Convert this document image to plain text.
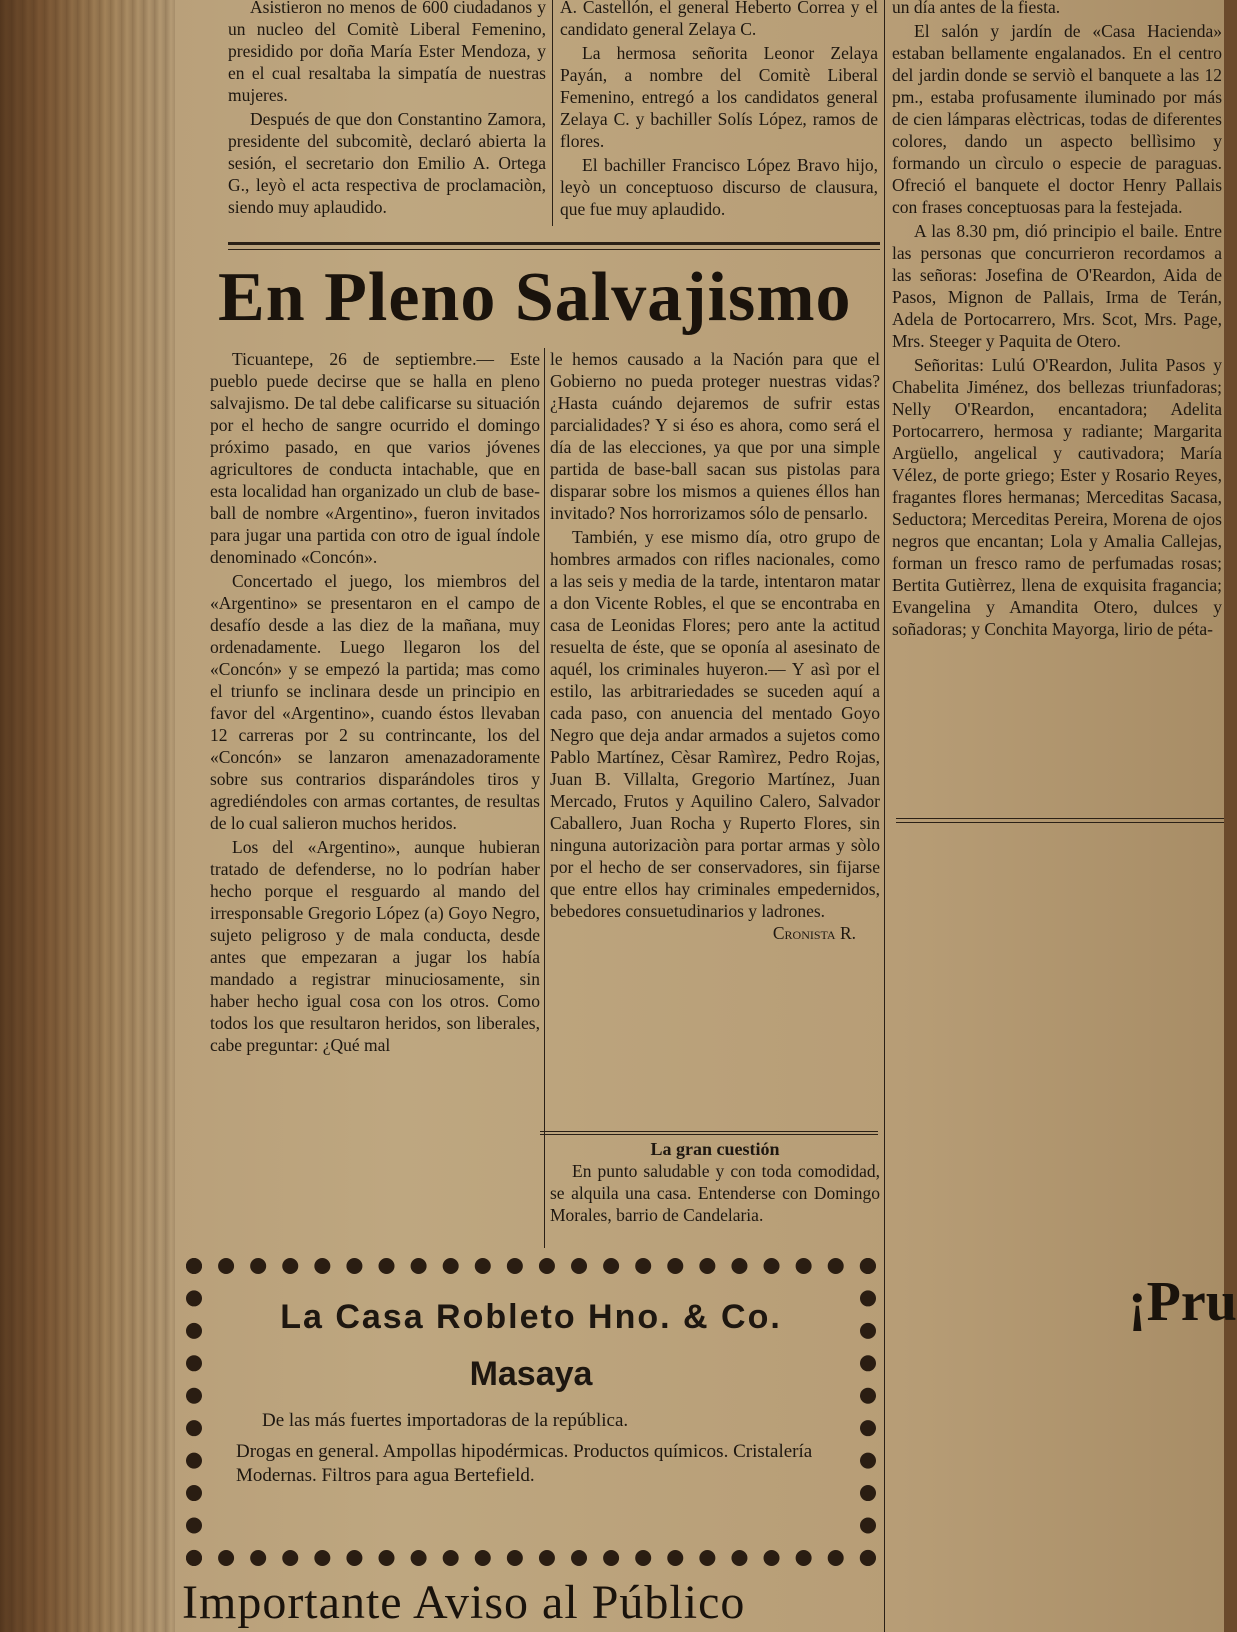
Asistieron no menos de 600 ciudadanos y un nucleo del Comitè Liberal Femenino, presidido por doña María Ester Mendoza, y en el cual resaltaba la simpatía de nuestras mujeres.

Después de que don Constantino Zamora, presidente del subcomitè, declaró abierta la sesión, el secretario don Emilio A. Ortega G., leyò el acta respectiva de proclamaciòn, siendo muy aplaudido.

A. Castellón, el general Heberto Correa y el candidato general Zelaya C.

La hermosa señorita Leonor Zelaya Payán, a nombre del Comitè Liberal Femenino, entregó a los candidatos general Zelaya C. y bachiller Solís López, ramos de flores.

El bachiller Francisco López Bravo hijo, leyò un conceptuoso discurso de clausura, que fue muy aplaudido.

un día antes de la fiesta.

El salón y jardín de «Casa Hacienda» estaban bellamente engalanados. En el centro del jardin donde se serviò el banquete a las 12 pm., estaba profusamente iluminado por más de cien lámparas elèctricas, todas de diferentes colores, dando un aspecto bellìsimo y formando un cìrculo o especie de paraguas. Ofreció el banquete el doctor Henry Pallais con frases conceptuosas para la festejada.

A las 8.30 pm, dió principio el baile. Entre las personas que concurrieron recordamos a las señoras: Josefina de O'Reardon, Aida de Pasos, Mignon de Pallais, Irma de Terán, Adela de Portocarrero, Mrs. Scot, Mrs. Page, Mrs. Steeger y Paquita de Otero.

Señoritas: Lulú O'Reardon, Julita Pasos y Chabelita Jiménez, dos bellezas triunfadoras; Nelly O'Reardon, encantadora; Adelita Portocarrero, hermosa y radiante; Margarita Argüello, angelical y cautivadora; María Vélez, de porte griego; Ester y Rosario Reyes, fragantes flores hermanas; Merceditas Sacasa, Seductora; Merceditas Pereira, Morena de ojos negros que encantan; Lola y Amalia Callejas, forman un fresco ramo de perfumadas rosas; Bertita Gutièrrez, llena de exquisita fragancia; Evangelina y Amandita Otero, dulces y soñadoras; y Conchita Mayorga, lirio de péta-

En Pleno Salvajismo

Ticuantepe, 26 de septiembre.— Este pueblo puede decirse que se halla en pleno salvajismo. De tal debe calificarse su situación por el hecho de sangre ocurrido el domingo próximo pasado, en que varios jóvenes agricultores de conducta intachable, que en esta localidad han organizado un club de base-ball de nombre «Argentino», fueron invitados para jugar una partida con otro de igual índole denominado «Concón».

Concertado el juego, los miembros del «Argentino» se presentaron en el campo de desafío desde a las diez de la mañana, muy ordenadamente. Luego llegaron los del «Concón» y se empezó la partida; mas como el triunfo se inclinara desde un principio en favor del «Argentino», cuando éstos llevaban 12 carreras por 2 su contrincante, los del «Concón» se lanzaron amenazadoramente sobre sus contrarios disparándoles tiros y agrediéndoles con armas cortantes, de resultas de lo cual salieron muchos heridos.

Los del «Argentino», aunque hubieran tratado de defenderse, no lo podrían haber hecho porque el resguardo al mando del irresponsable Gregorio López (a) Goyo Negro, sujeto peligroso y de mala conducta, desde antes que empezaran a jugar los había mandado a registrar minuciosamente, sin haber hecho igual cosa con los otros. Como todos los que resultaron heridos, son liberales, cabe preguntar: ¿Qué mal

le hemos causado a la Nación para que el Gobierno no pueda proteger nuestras vidas? ¿Hasta cuándo dejaremos de sufrir estas parcialidades? Y si éso es ahora, como será el día de las elecciones, ya que por una simple partida de base-ball sacan sus pistolas para disparar sobre los mismos a quienes éllos han invitado? Nos horrorizamos sólo de pensarlo.

También, y ese mismo día, otro grupo de hombres armados con rifles nacionales, como a las seis y media de la tarde, intentaron matar a don Vicente Robles, el que se encontraba en casa de Leonidas Flores; pero ante la actitud resuelta de éste, que se oponía al asesinato de aquél, los criminales huyeron.— Y asì por el estilo, las arbitrariedades se suceden aquí a cada paso, con anuencia del mentado Goyo Negro que deja andar armados a sujetos como Pablo Martínez, Cèsar Ramìrez, Pedro Rojas, Juan B. Villalta, Gregorio Martínez, Juan Mercado, Frutos y Aquilino Calero, Salvador Caballero, Juan Rocha y Ruperto Flores, sin ninguna autorizaciòn para portar armas y sòlo por el hecho de ser conservadores, sin fijarse que entre ellos hay criminales empedernidos, bebedores consuetudinarios y ladrones.

Cronista R.
La gran cuestión

En punto saludable y con toda comodidad, se alquila una casa. Entenderse con Domingo Morales, barrio de Candelaria.

La Casa Robleto Hno. & Co.
Masaya
De las más fuertes importadoras de la república.
Drogas en general. Ampollas hipodérmicas. Productos químicos. Cristalería Modernas. Filtros para agua Bertefield.
¡Pru
Importante Aviso al Público
